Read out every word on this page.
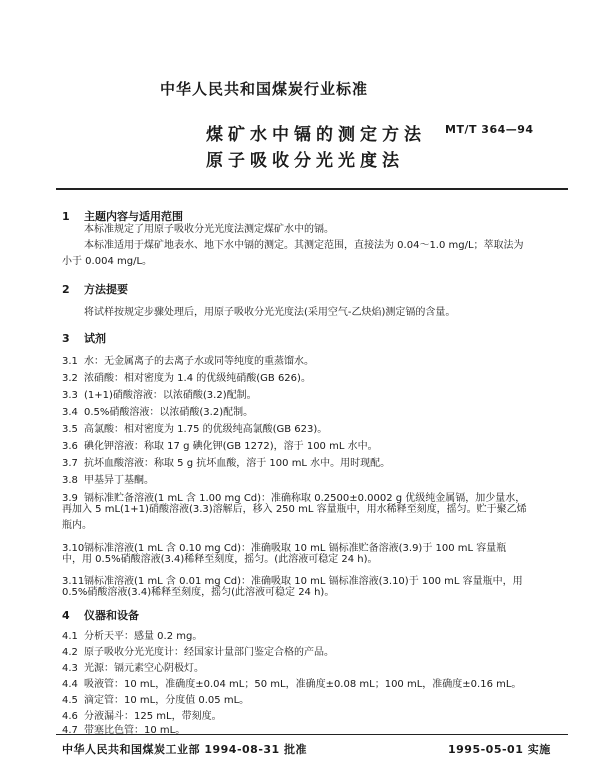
中华人民共和国煤炭行业标准
煤矿水中镉的测定方法
原子吸收分光光度法
MT/T 364—94
1 主题内容与适用范围
本标准规定了用原子吸收分光光度法测定煤矿水中的镉。
本标准适用于煤矿地表水、地下水中镉的测定。其测定范围，直接法为 0.04～1.0 mg/L；萃取法为
小于 0.004 mg/L。
2 方法提要
将试样按规定步骤处理后，用原子吸收分光光度法(采用空气-乙炔焰)测定镉的含量。
3 试剂
3.1 水：无金属离子的去离子水或同等纯度的重蒸馏水。
3.2 浓硝酸：相对密度为 1.4 的优级纯硝酸(GB 626)。
3.3 (1+1)硝酸溶液：以浓硝酸(3.2)配制。
3.4 0.5%硝酸溶液：以浓硝酸(3.2)配制。
3.5 高氯酸：相对密度为 1.75 的优级纯高氯酸(GB 623)。
3.6 碘化钾溶液：称取 17 g 碘化钾(GB 1272)，溶于 100 mL 水中。
3.7 抗坏血酸溶液：称取 5 g 抗坏血酸，溶于 100 mL 水中。用时现配。
3.8 甲基异丁基酮。
3.9 镉标准贮备溶液(1 mL 含 1.00 mg Cd)：准确称取 0.2500±0.0002 g 优级纯金属镉，加少量水，
再加入 5 mL(1+1)硝酸溶液(3.3)溶解后，移入 250 mL 容量瓶中，用水稀释至刻度，摇匀。贮于聚乙烯
瓶内。
3.10镉标准溶液(1 mL 含 0.10 mg Cd)：准确吸取 10 mL 镉标准贮备溶液(3.9)于 100 mL 容量瓶
中，用 0.5%硝酸溶液(3.4)稀释至刻度，摇匀。(此溶液可稳定 24 h)。
3.11镉标准溶液(1 mL 含 0.01 mg Cd)：准确吸取 10 mL 镉标准溶液(3.10)于 100 mL 容量瓶中，用
0.5%硝酸溶液(3.4)稀释至刻度，摇匀(此溶液可稳定 24 h)。
4 仪器和设备
4.1 分析天平：感量 0.2 mg。
4.2 原子吸收分光光度计：经国家计量部门鉴定合格的产品。
4.3 光源：镉元素空心阴极灯。
4.4 吸液管：10 mL，准确度±0.04 mL；50 mL，准确度±0.08 mL；100 mL，准确度±0.16 mL。
4.5 滴定管：10 mL，分度值 0.05 mL。
4.6 分液漏斗：125 mL，带刻度。
4.7 带塞比色管：10 mL。
中华人民共和国煤炭工业部 1994-08-31 批准	1995-05-01 实施
